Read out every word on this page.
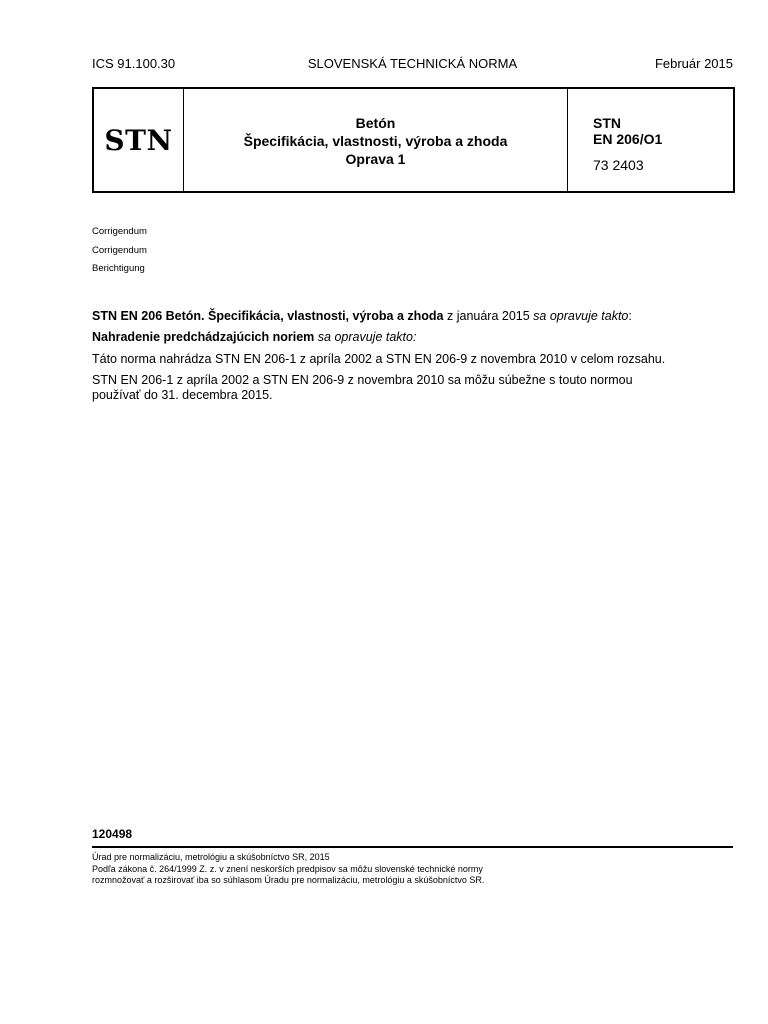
ICS 91.100.30	SLOVENSKÁ TECHNICKÁ NORMA	Február 2015
STN
Betón
Špecifikácia, vlastnosti, výroba a zhoda
Oprava 1
STN
EN 206/O1
73 2403
Corrigendum
Corrigendum
Berichtigung
STN EN 206 Betón. Špecifikácia, vlastnosti, výroba a zhoda z januára 2015 sa opravuje takto:
Nahradenie predchádzajúcich noriem sa opravuje takto:
Táto norma nahrádza STN EN 206-1 z apríla 2002 a STN EN 206-9 z novembra 2010 v celom rozsahu.
STN EN 206-1 z apríla 2002 a STN EN 206-9 z novembra 2010 sa môžu súbežne s touto normou
používať do 31. decembra 2015.
120498
Úrad pre normalizáciu, metrológiu a skúšobníctvo SR, 2015
Podľa zákona č. 264/1999 Z. z. v znení neskorších predpisov sa môžu slovenské technické normy
rozmnožovať a rozširovať iba so súhlasom Úradu pre normalizáciu, metrológiu a skúšobníctvo SR.
